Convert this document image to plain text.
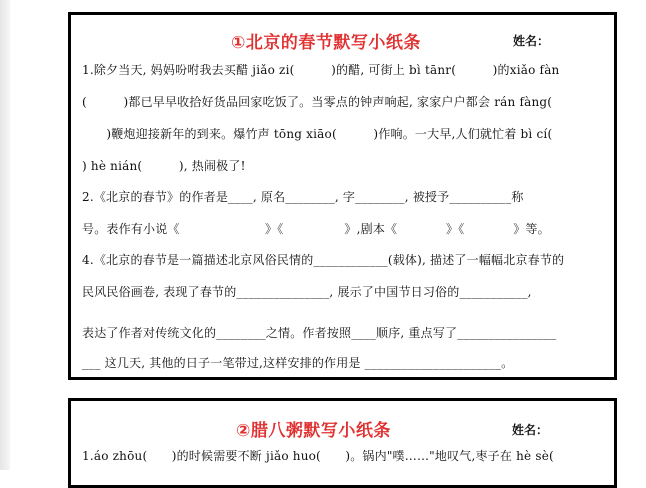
①北京的春节默写小纸条	姓名：
1.除夕当天, 妈妈吩咐我去买醋 jiǎo zi(　　　)的醋, 可街上 bì tānr(　　　)的xiǎo fàn
(　　　)都已早早收拾好货品回家吃饭了。当零点的钟声响起, 家家户户都会 rán fàng(
　　)鞭炮迎接新年的到来。爆竹声 tōng xiāo(　　　)作响。一大早,人们就忙着 bì cí(
) hè nián(　　　), 热闹极了!
2.《北京的春节》的作者是____, 原名________, 字________, 被授予__________称
号。表作有小说《　　　　　　　》《　　　　　》,剧本《　　　　》《　　　　》等。
4.《北京的春节是一篇描述北京风俗民情的____________(载体), 描述了一幅幅北京春节的
民风民俗画卷, 表现了春节的_______________, 展示了中国节日习俗的___________,
表达了作者对传统文化的________之情。作者按照____顺序, 重点写了________________
___ 这几天, 其他的日子一笔带过,这样安排的作用是 ______________________。
②腊八粥默写小纸条	姓名：
1.áo zhōu(　　)的时候需要不断 jiǎo huo(　　)。锅内"噗……"地叹气,枣子在 hè sè(
